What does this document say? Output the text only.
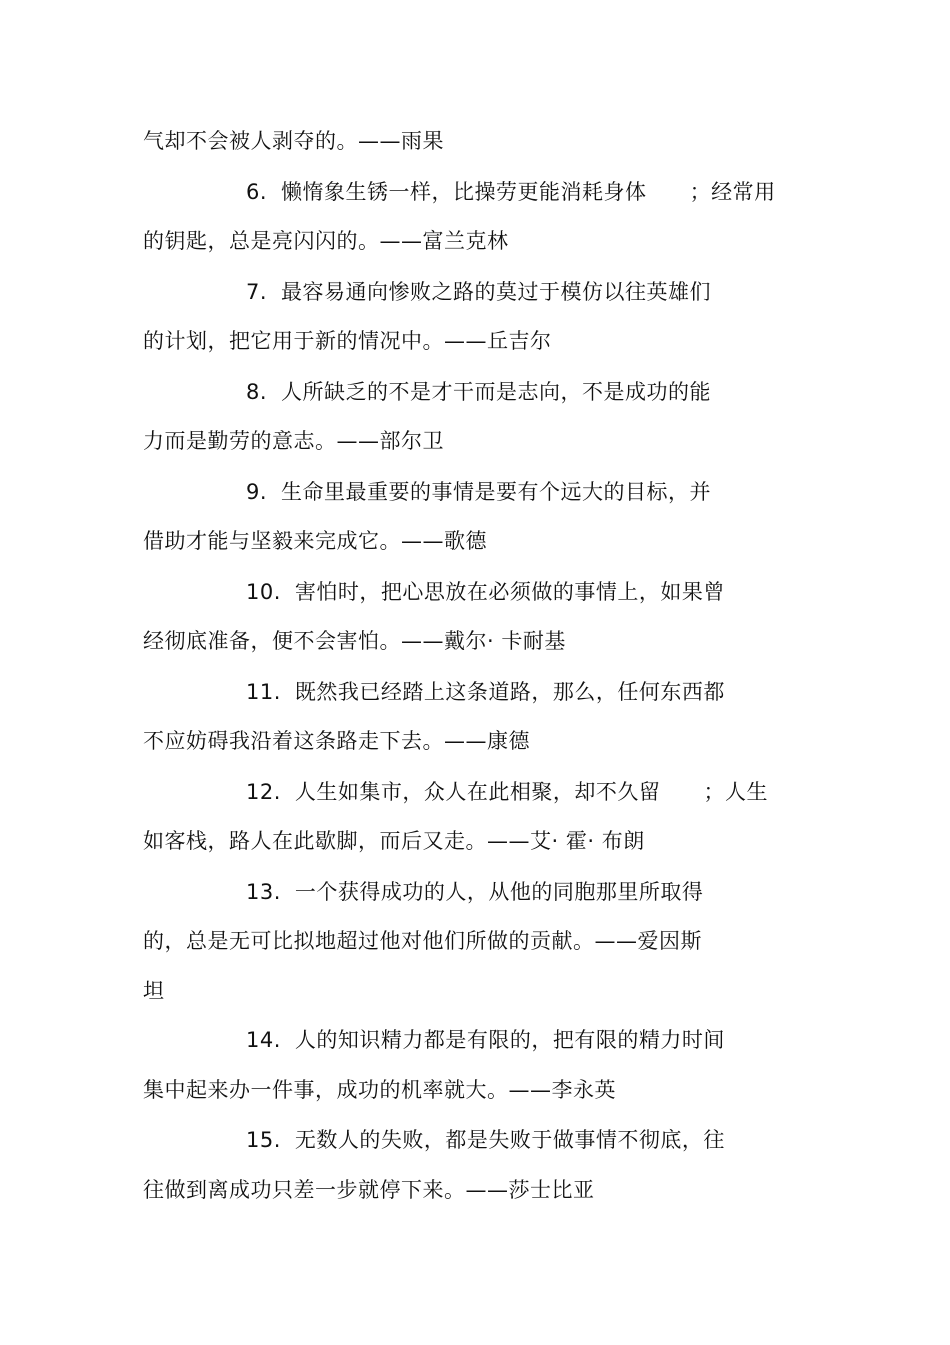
气却不会被人剥夺的。——雨果
6. 懒惰象生锈一样，比操劳更能消耗身体      ；经常用
的钥匙，总是亮闪闪的。——富兰克林
7. 最容易通向惨败之路的莫过于模仿以往英雄们
的计划，把它用于新的情况中。——丘吉尔
8. 人所缺乏的不是才干而是志向，不是成功的能
力而是勤劳的意志。——部尔卫
9. 生命里最重要的事情是要有个远大的目标，并
借助才能与坚毅来完成它。——歌德
10. 害怕时，把心思放在必须做的事情上，如果曾
经彻底准备，便不会害怕。——戴尔· 卡耐基
11. 既然我已经踏上这条道路，那么，任何东西都
不应妨碍我沿着这条路走下去。——康德
12. 人生如集市，众人在此相聚，却不久留      ；人生
如客栈，路人在此歇脚，而后又走。——艾· 霍· 布朗
13. 一个获得成功的人，从他的同胞那里所取得
的，总是无可比拟地超过他对他们所做的贡献。——爱因斯
坦
14. 人的知识精力都是有限的，把有限的精力时间
集中起来办一件事，成功的机率就大。——李永英
15. 无数人的失败，都是失败于做事情不彻底，往
往做到离成功只差一步就停下来。——莎士比亚
